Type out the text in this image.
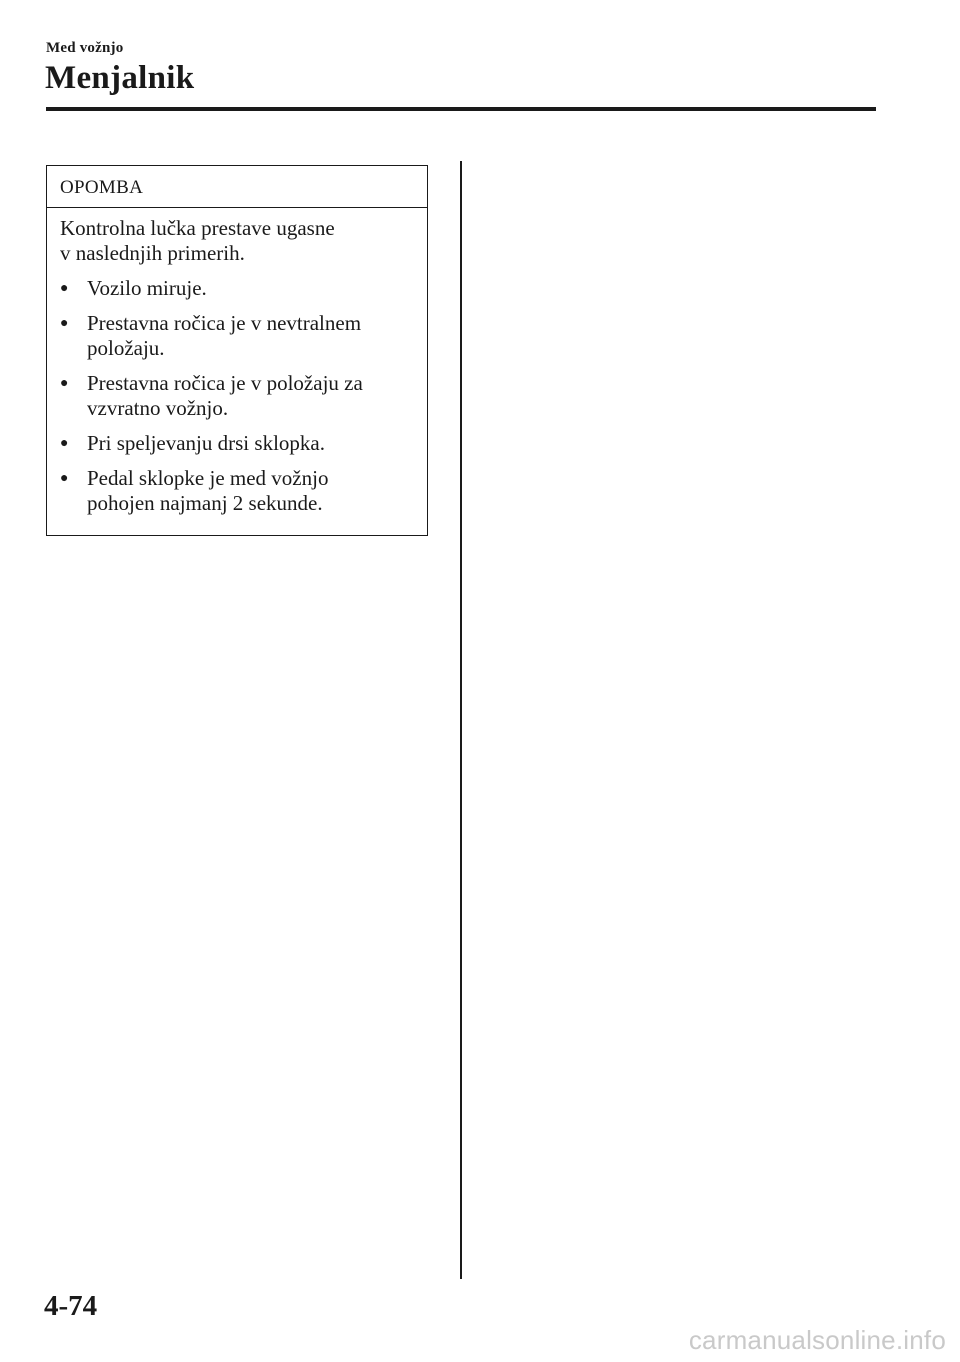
Med vožnjo
Menjalnik
OPOMBA

Kontrolna lučka prestave ugasne
v naslednjih primerih.

● Vozilo miruje.
● Prestavna ročica je v nevtralnem
položaju.
● Prestavna ročica je v položaju za
vzvratno vožnjo.
● Pri speljevanju drsi sklopka.
● Pedal sklopke je med vožnjo
pohojen najmanj 2 sekunde.
4-74
carmanualsonline.info
